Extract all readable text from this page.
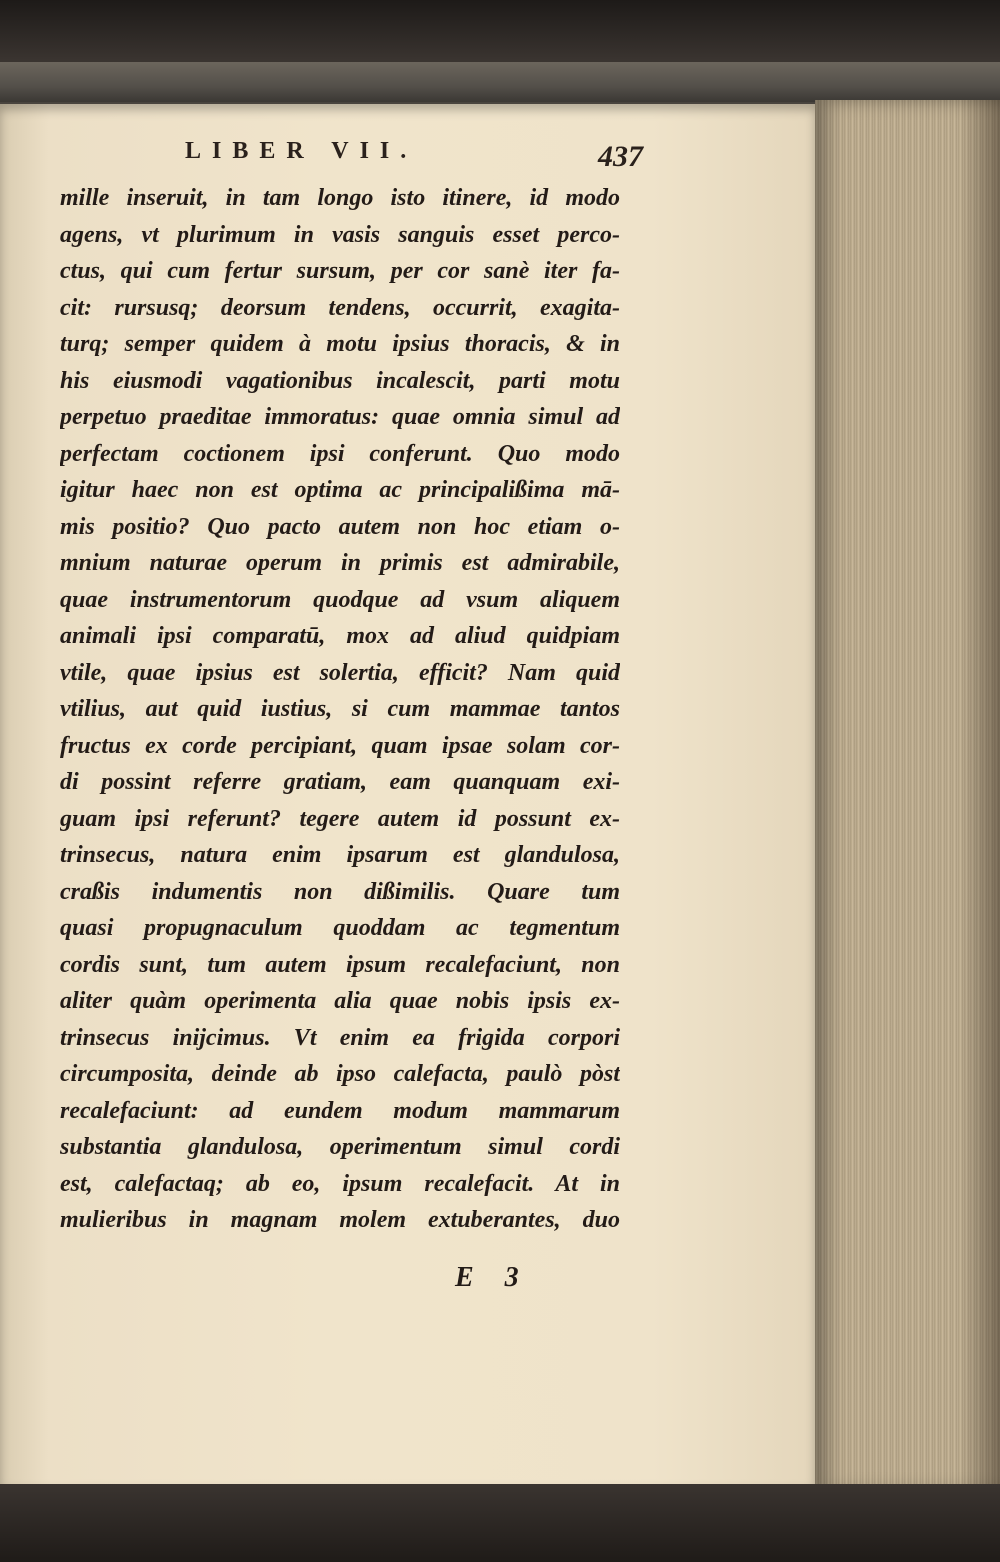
LIBER VII.	437
mille inseruit, in tam longo isto itinere, id modo
agens, vt plurimum in vasis sanguis esset perco-
ctus, qui cum fertur sursum, per cor sanè iter fa-
cit: rursusq; deorsum tendens, occurrit, exagita-
turq; semper quidem à motu ipsius thoracis, & in
his eiusmodi vagationibus incalescit, parti motu
perpetuo praeditae immoratus: quae omnia simul ad
perfectam coctionem ipsi conferunt. Quo modo
igitur haec non est optima ac principalißima mā-
mis positio? Quo pacto autem non hoc etiam o-
mnium naturae operum in primis est admirabile,
quae instrumentorum quodque ad vsum aliquem
animali ipsi comparatū, mox ad aliud quidpiam
vtile, quae ipsius est solertia, efficit? Nam quid
vtilius, aut quid iustius, si cum mammae tantos
fructus ex corde percipiant, quam ipsae solam cor-
di possint referre gratiam, eam quanquam exi-
guam ipsi referunt? tegere autem id possunt ex-
trinsecus, natura enim ipsarum est glandulosa,
craßis indumentis non dißimilis. Quare tum
quasi propugnaculum quoddam ac tegmentum
cordis sunt, tum autem ipsum recalefaciunt, non
aliter quàm operimenta alia quae nobis ipsis ex-
trinsecus inijcimus. Vt enim ea frigida corpori
circumposita, deinde ab ipso calefacta, paulò pòst
recalefaciunt: ad eundem modum mammarum
substantia glandulosa, operimentum simul cordi
est, calefactaq; ab eo, ipsum recalefacit. At in
mulieribus in magnam molem extuberantes, duo
E 3
